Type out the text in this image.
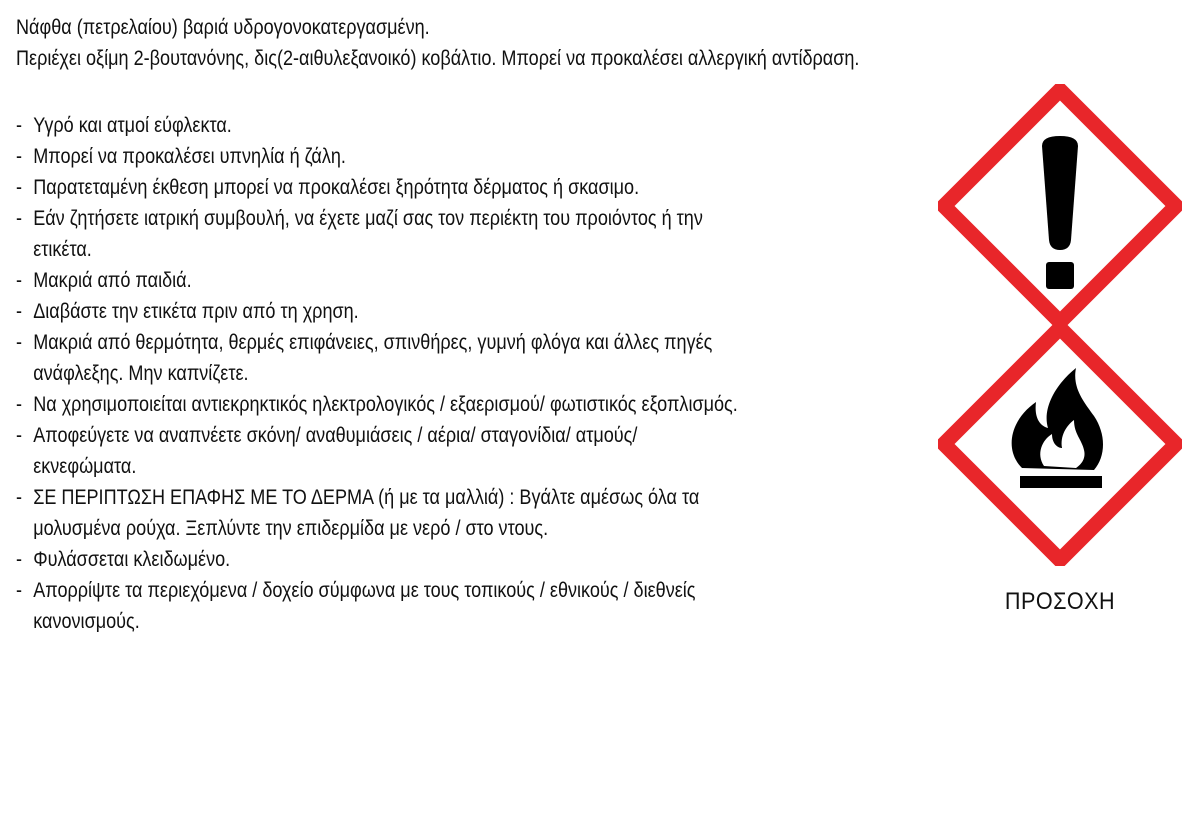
Νάφθα (πετρελαίου) βαριά υδρογονοκατεργασμένη.
Περιέχει οξίμη 2-βουτανόνης, δις(2-αιθυλεξανοικό) κοβάλτιο. Μπορεί να προκαλέσει αλλεργική αντίδραση.
- Υγρό και ατμοί εύφλεκτα.
- Μπορεί να προκαλέσει υπνηλία ή ζάλη.
- Παρατεταμένη έκθεση μπορεί να προκαλέσει ξηρότητα δέρματος ή σκασιμο.
- Εάν ζητήσετε ιατρική συμβουλή, να έχετε μαζί σας τον περιέκτη του προιόντος ή την
ετικέτα.
- Μακριά από παιδιά.
- Διαβάστε την ετικέτα πριν από τη χρηση.
- Μακριά από θερμότητα, θερμές επιφάνειες, σπινθήρες, γυμνή φλόγα και άλλες πηγές
ανάφλεξης. Μην καπνίζετε.
- Να χρησιμοποιείται αντιεκρηκτικός ηλεκτρολογικός / εξαερισμού/ φωτιστικός εξοπλισμός.
- Αποφεύγετε να αναπνέετε σκόνη/ αναθυμιάσεις / αέρια/ σταγονίδια/ ατμούς/
εκνεφώματα.
- ΣΕ ΠΕΡΙΠΤΩΣΗ ΕΠΑΦΗΣ ΜΕ ΤΟ ΔΕΡΜΑ (ή με τα μαλλιά) : Βγάλτε αμέσως όλα τα
μολυσμένα ρούχα. Ξεπλύντε την επιδερμίδα με νερό / στο ντους.
- Φυλάσσεται κλειδωμένο.
- Απορρίψτε τα περιεχόμενα / δοχείο σύμφωνα με τους τοπικούς / εθνικούς / διεθνείς
κανονισμούς.
ΠΡΟΣΟΧΗ
